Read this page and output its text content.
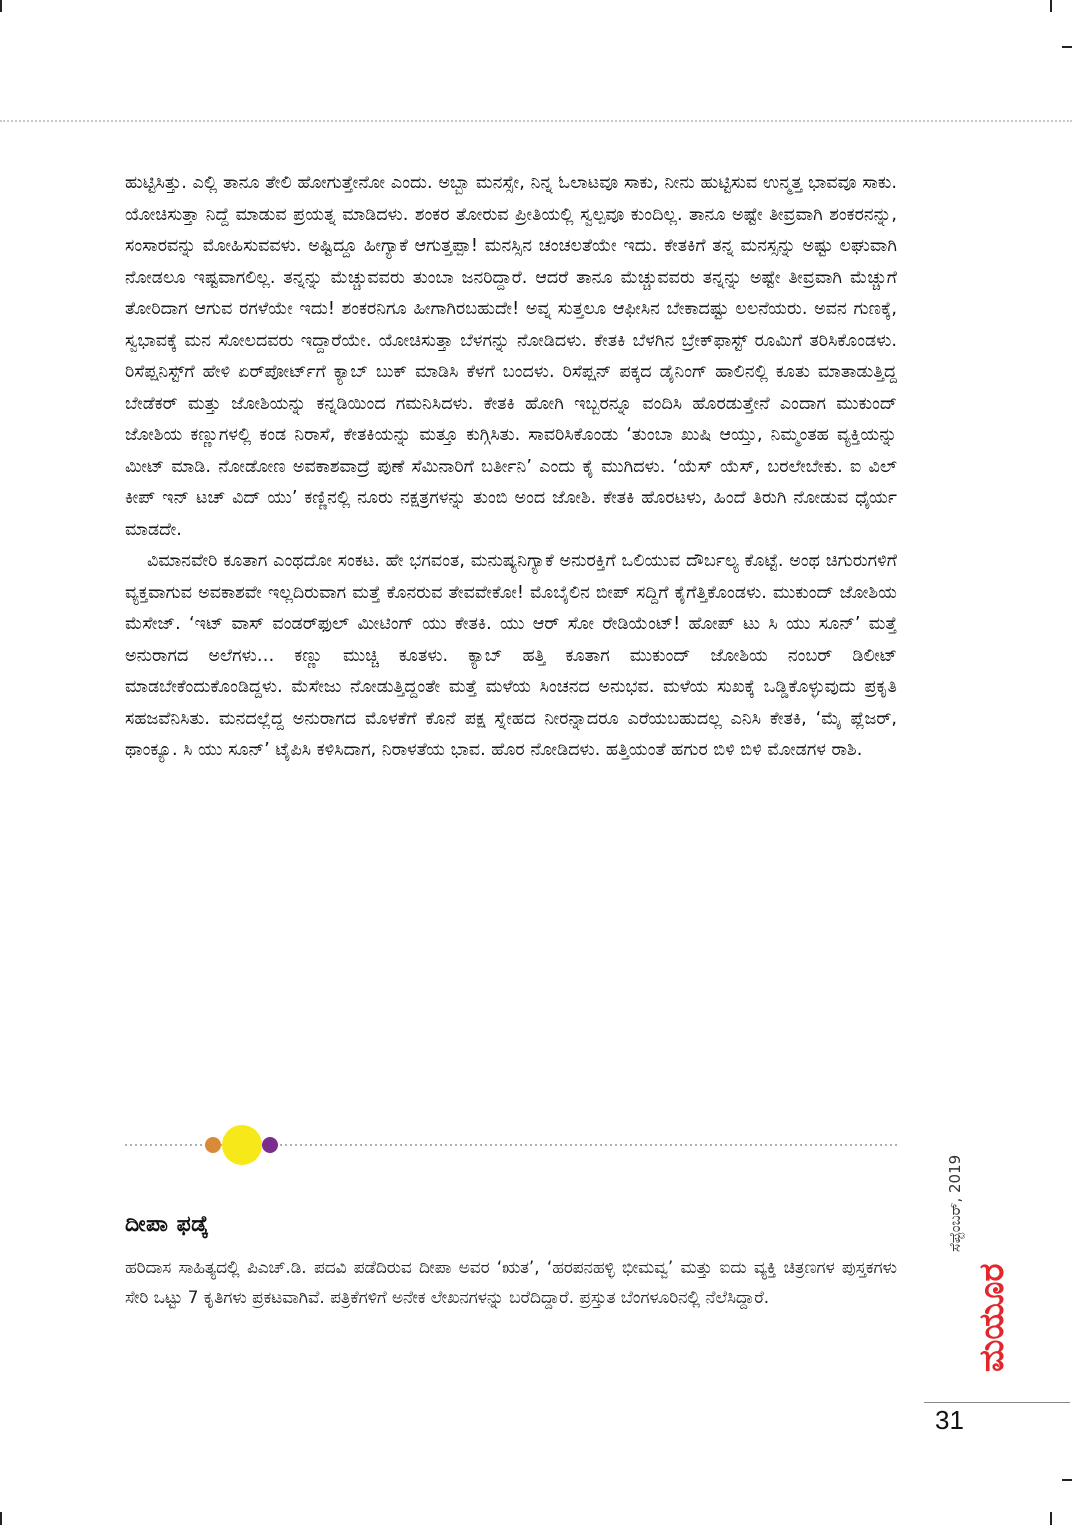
ಹುಟ್ಟಿಸಿತ್ತು. ಎಲ್ಲಿ ತಾನೂ ತೇಲಿ ಹೋಗುತ್ತೇನೋ ಎಂದು. ಅಬ್ಬಾ ಮನಸ್ಸೇ, ನಿನ್ನ ಓಲಾಟವೂ ಸಾಕು, ನೀನು ಹುಟ್ಟಿಸುವ ಉನ್ಮತ್ತ ಭಾವವೂ ಸಾಕು. ಯೋಚಿಸುತ್ತಾ ನಿದ್ದೆ ಮಾಡುವ ಪ್ರಯತ್ನ ಮಾಡಿದಳು. ಶಂಕರ ತೋರುವ ಪ್ರೀತಿಯಲ್ಲಿ ಸ್ವಲ್ಪವೂ ಕುಂದಿಲ್ಲ. ತಾನೂ ಅಷ್ಟೇ ತೀವ್ರವಾಗಿ ಶಂಕರನನ್ನು, ಸಂಸಾರವನ್ನು ಮೋಹಿಸುವವಳು. ಅಷ್ಟಿದ್ದೂ ಹೀಗ್ಯಾಕೆ ಆಗುತ್ತಪ್ಪಾ! ಮನಸ್ಸಿನ ಚಂಚಲತೆಯೇ ಇದು. ಕೇತಕಿಗೆ ತನ್ನ ಮನಸ್ಸನ್ನು ಅಷ್ಟು ಲಘುವಾಗಿ ನೋಡಲೂ ಇಷ್ಟವಾಗಲಿಲ್ಲ. ತನ್ನನ್ನು ಮೆಚ್ಚುವವರು ತುಂಬಾ ಜನರಿದ್ದಾರೆ. ಆದರೆ ತಾನೂ ಮೆಚ್ಚುವವರು ತನ್ನನ್ನು ಅಷ್ಟೇ ತೀವ್ರವಾಗಿ ಮೆಚ್ಚುಗೆ ತೋರಿದಾಗ ಆಗುವ ರಗಳೆಯೇ ಇದು! ಶಂಕರನಿಗೂ ಹೀಗಾಗಿರಬಹುದೇ! ಅವ್ನ ಸುತ್ತಲೂ ಆಫೀಸಿನ ಬೇಕಾದಷ್ಟು ಲಲನೆಯರು. ಅವನ ಗುಣಕ್ಕೆ, ಸ್ವಭಾವಕ್ಕೆ ಮನ ಸೋಲದವರು ಇದ್ದಾರೆಯೇ. ಯೋಚಿಸುತ್ತಾ ಬೆಳಗನ್ನು ನೋಡಿದಳು. ಕೇತಕಿ ಬೆಳಗಿನ ಬ್ರೇಕ್‌ಫಾಸ್ಟ್ ರೂಮಿಗೆ ತರಿಸಿಕೊಂಡಳು. ರಿಸೆಪ್ಷನಿಸ್ಟ್‌ಗೆ ಹೇಳಿ ಏರ್‌ಪೋರ್ಟ್‌ಗೆ ಕ್ಯಾಬ್ ಬುಕ್ ಮಾಡಿಸಿ ಕೆಳಗೆ ಬಂದಳು. ರಿಸೆಪ್ಷನ್ ಪಕ್ಕದ ಡೈನಿಂಗ್ ಹಾಲಿನಲ್ಲಿ ಕೂತು ಮಾತಾಡುತ್ತಿದ್ದ ಬೇಡೆಕರ್ ಮತ್ತು ಜೋಶಿಯನ್ನು ಕನ್ನಡಿಯಿಂದ ಗಮನಿಸಿದಳು. ಕೇತಕಿ ಹೋಗಿ ಇಬ್ಬರನ್ನೂ ವಂದಿಸಿ ಹೊರಡುತ್ತೇನೆ ಎಂದಾಗ ಮುಕುಂದ್ ಜೋಶಿಯ ಕಣ್ಣುಗಳಲ್ಲಿ ಕಂಡ ನಿರಾಸೆ, ಕೇತಕಿಯನ್ನು ಮತ್ತೂ ಕುಗ್ಗಿಸಿತು. ಸಾವರಿಸಿಕೊಂಡು ‘ತುಂಬಾ ಖುಷಿ ಆಯ್ತು, ನಿಮ್ಮಂತಹ ವ್ಯಕ್ತಿಯನ್ನು ಮೀಟ್ ಮಾಡಿ. ನೋಡೋಣ ಅವಕಾಶವಾದ್ರೆ ಪುಣೆ ಸೆಮಿನಾರಿಗೆ ಬರ್ತೀನಿ’ ಎಂದು ಕೈ ಮುಗಿದಳು. ‘ಯೆಸ್ ಯೆಸ್, ಬರಲೇಬೇಕು. ಐ ವಿಲ್ ಕೀಪ್ ಇನ್ ಟಚ್ ವಿದ್ ಯು’ ಕಣ್ಣಿನಲ್ಲಿ ನೂರು ನಕ್ಷತ್ರಗಳನ್ನು ತುಂಬಿ ಅಂದ ಜೋಶಿ. ಕೇತಕಿ ಹೊರಟಳು, ಹಿಂದೆ ತಿರುಗಿ ನೋಡುವ ಧೈರ್ಯ ಮಾಡದೇ.

ವಿಮಾನವೇರಿ ಕೂತಾಗ ಎಂಥದೋ ಸಂಕಟ. ಹೇ ಭಗವಂತ, ಮನುಷ್ಯನಿಗ್ಯಾಕೆ ಅನುರಕ್ತಿಗೆ ಒಲಿಯುವ ದೌರ್ಬಲ್ಯ ಕೊಟ್ಟೆ. ಅಂಥ ಚಿಗುರುಗಳಿಗೆ ವ್ಯಕ್ತವಾಗುವ ಅವಕಾಶವೇ ಇಲ್ಲದಿರುವಾಗ ಮತ್ತೆ ಕೊನರುವ ತೇವವೇಕೋ! ಮೊಬೈಲಿನ ಬೀಪ್ ಸದ್ದಿಗೆ ಕೈಗೆತ್ತಿಕೊಂಡಳು. ಮುಕುಂದ್ ಜೋಶಿಯ ಮೆಸೇಜ್. ‘ಇಟ್ ವಾಸ್ ವಂಡರ್‌ಫುಲ್ ಮೀಟಿಂಗ್ ಯು ಕೇತಕಿ. ಯು ಆರ್ ಸೋ ರೇಡಿಯೆಂಟ್! ಹೋಪ್ ಟು ಸಿ ಯು ಸೂನ್’ ಮತ್ತೆ ಅನುರಾಗದ ಅಲೆಗಳು… ಕಣ್ಣು ಮುಚ್ಚಿ ಕೂತಳು. ಕ್ಯಾಬ್ ಹತ್ತಿ ಕೂತಾಗ ಮುಕುಂದ್ ಜೋಶಿಯ ನಂಬರ್ ಡಿಲೀಟ್ ಮಾಡಬೇಕೆಂದುಕೊಂಡಿದ್ದಳು. ಮೆಸೇಜು ನೋಡುತ್ತಿದ್ದಂತೇ ಮತ್ತೆ ಮಳೆಯ ಸಿಂಚನದ ಅನುಭವ. ಮಳೆಯ ಸುಖಕ್ಕೆ ಒಡ್ಡಿಕೊಳ್ಳುವುದು ಪ್ರಕೃತಿ ಸಹಜವೆನಿಸಿತು. ಮನದಲ್ಲೆದ್ದ ಅನುರಾಗದ ಮೊಳಕೆಗೆ ಕೊನೆ ಪಕ್ಷ ಸ್ನೇಹದ ನೀರನ್ನಾದರೂ ಎರೆಯಬಹುದಲ್ಲ ಎನಿಸಿ ಕೇತಕಿ, ‘ಮೈ ಪ್ಲೆಜರ್, ಥಾಂಕ್ಯೂ. ಸಿ ಯು ಸೂನ್’ ಟೈಪಿಸಿ ಕಳಿಸಿದಾಗ, ನಿರಾಳತೆಯ ಭಾವ. ಹೊರ ನೋಡಿದಳು. ಹತ್ತಿಯಂತೆ ಹಗುರ ಬಿಳಿ ಬಿಳಿ ಮೋಡಗಳ ರಾಶಿ.

ದೀಪಾ ಫಡ್ಕೆ
ಹರಿದಾಸ ಸಾಹಿತ್ಯದಲ್ಲಿ ಪಿಎಚ್.ಡಿ. ಪದವಿ ಪಡೆದಿರುವ ದೀಪಾ ಅವರ ‘ಋತ’, ‘ಹರಪನಹಳ್ಳಿ ಭೀಮವ್ವ’ ಮತ್ತು ಐದು ವ್ಯಕ್ತಿ ಚಿತ್ರಣಗಳ ಪುಸ್ತಕಗಳು ಸೇರಿ ಒಟ್ಟು 7 ಕೃತಿಗಳು ಪ್ರಕಟವಾಗಿವೆ. ಪತ್ರಿಕೆಗಳಿಗೆ ಅನೇಕ ಲೇಖನಗಳನ್ನು ಬರೆದಿದ್ದಾರೆ. ಪ್ರಸ್ತುತ ಬೆಂಗಳೂರಿನಲ್ಲಿ ನೆಲೆಸಿದ್ದಾರೆ.
ಸೆಪ್ಟೆಂಬರ್, 2019
ಮಯೂರ
31
